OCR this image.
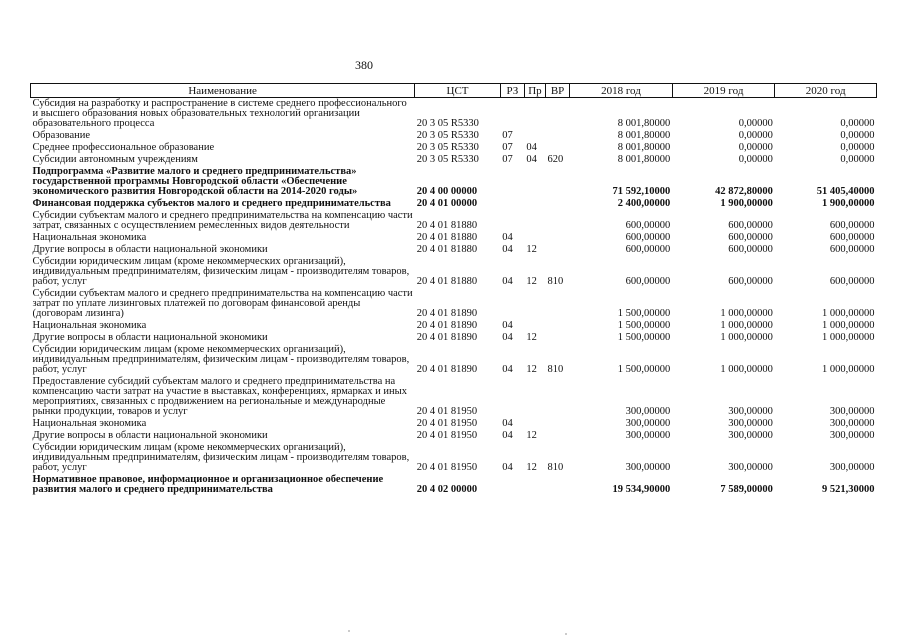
380
Наименование	ЦСТ	РЗ	Пр	ВР	2018 год	2019 год	2020 год
Субсидия на разработку и распространение в системе среднего профессионального и высшего образования новых образовательных технологий организации образовательного процесса	20 3 05 R5330				8 001,80000	0,00000	0,00000
Образование	20 3 05 R5330	07			8 001,80000	0,00000	0,00000
Среднее профессиональное образование	20 3 05 R5330	07	04		8 001,80000	0,00000	0,00000
Субсидии автономным учреждениям	20 3 05 R5330	07	04	620	8 001,80000	0,00000	0,00000
Подпрограмма «Развитие малого и среднего предпринимательства» государственной программы Новгородской области «Обеспечение экономического развития Новгородской области на 2014-2020 годы»	20 4 00 00000				71 592,10000	42 872,80000	51 405,40000
Финансовая поддержка субъектов малого и среднего предпринимательства	20 4 01 00000				2 400,00000	1 900,00000	1 900,00000
Субсидии субъектам малого и среднего предпринимательства на компенсацию части затрат, связанных с осуществлением ремесленных видов деятельности	20 4 01 81880				600,00000	600,00000	600,00000
Национальная экономика	20 4 01 81880	04			600,00000	600,00000	600,00000
Другие вопросы в области национальной экономики	20 4 01 81880	04	12		600,00000	600,00000	600,00000
Субсидии юридическим лицам (кроме некоммерческих организаций), индивидуальным предпринимателям, физическим лицам - производителям товаров, работ, услуг	20 4 01 81880	04	12	810	600,00000	600,00000	600,00000
Субсидии субъектам малого и среднего предпринимательства на компенсацию части затрат по уплате лизинговых платежей по договорам финансовой аренды (договорам лизинга)	20 4 01 81890				1 500,00000	1 000,00000	1 000,00000
Национальная экономика	20 4 01 81890	04			1 500,00000	1 000,00000	1 000,00000
Другие вопросы в области национальной экономики	20 4 01 81890	04	12		1 500,00000	1 000,00000	1 000,00000
Субсидии юридическим лицам (кроме некоммерческих организаций), индивидуальным предпринимателям, физическим лицам - производителям товаров, работ, услуг	20 4 01 81890	04	12	810	1 500,00000	1 000,00000	1 000,00000
Предоставление субсидий субъектам малого и среднего предпринимательства на компенсацию части затрат на участие в выставках, конференциях, ярмарках и иных мероприятиях, связанных с продвижением на региональные и международные рынки продукции, товаров и услуг	20 4 01 81950				300,00000	300,00000	300,00000
Национальная экономика	20 4 01 81950	04			300,00000	300,00000	300,00000
Другие вопросы в области национальной экономики	20 4 01 81950	04	12		300,00000	300,00000	300,00000
Субсидии юридическим лицам (кроме некоммерческих организаций), индивидуальным предпринимателям, физическим лицам - производителям товаров, работ, услуг	20 4 01 81950	04	12	810	300,00000	300,00000	300,00000
Нормативное правовое, информационное и организационное обеспечение развития малого и среднего предпринимательства	20 4 02 00000				19 534,90000	7 589,00000	9 521,30000
